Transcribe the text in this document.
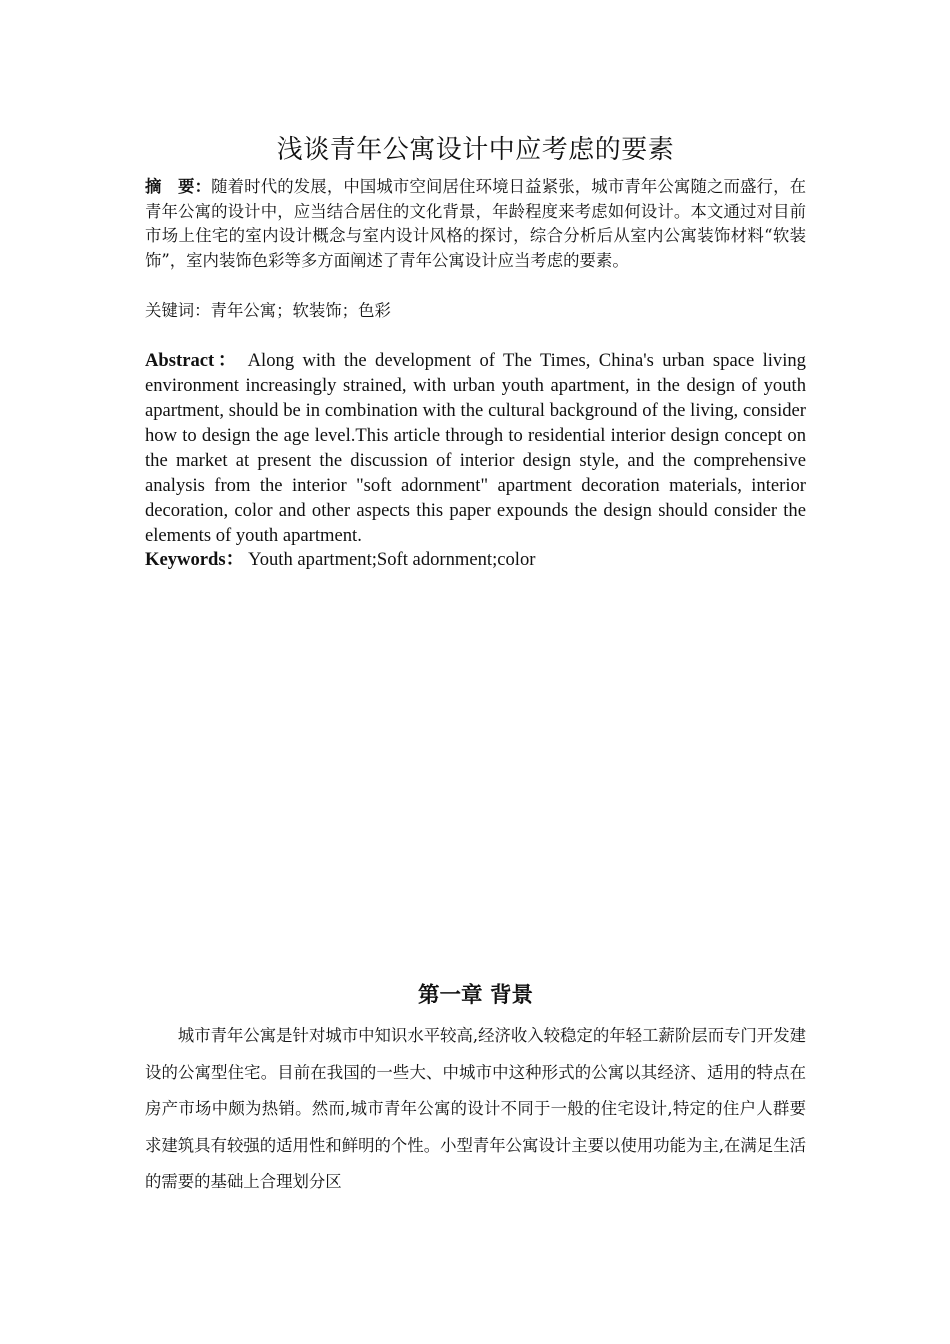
浅谈青年公寓设计中应考虑的要素
摘　要：随着时代的发展，中国城市空间居住环境日益紧张，城市青年公寓随之而盛行，在青年公寓的设计中，应当结合居住的文化背景，年龄程度来考虑如何设计。本文通过对目前市场上住宅的室内设计概念与室内设计风格的探讨，综合分析后从室内公寓装饰材料“软装饰”，室内装饰色彩等多方面阐述了青年公寓设计应当考虑的要素。
关键词：青年公寓；软装饰；色彩
Abstract： Along with the development of The Times, China's urban space living environment increasingly strained, with urban youth apartment, in the design of youth apartment, should be in combination with the cultural background of the living, consider how to design the age level.This article through to residential interior design concept on the market at present the discussion of interior design style, and the comprehensive analysis from the interior "soft adornment" apartment decoration materials, interior decoration, color and other aspects this paper expounds the design should consider the elements of youth apartment.
Keywords： Youth apartment;Soft adornment;color
第一章 背景
城市青年公寓是针对城市中知识水平较高,经济收入较稳定的年轻工薪阶层而专门开发建设的公寓型住宅。目前在我国的一些大、中城市中这种形式的公寓以其经济、适用的特点在房产市场中颇为热销。然而,城市青年公寓的设计不同于一般的住宅设计,特定的住户人群要求建筑具有较强的适用性和鲜明的个性。小型青年公寓设计主要以使用功能为主,在满足生活的需要的基础上合理划分区
